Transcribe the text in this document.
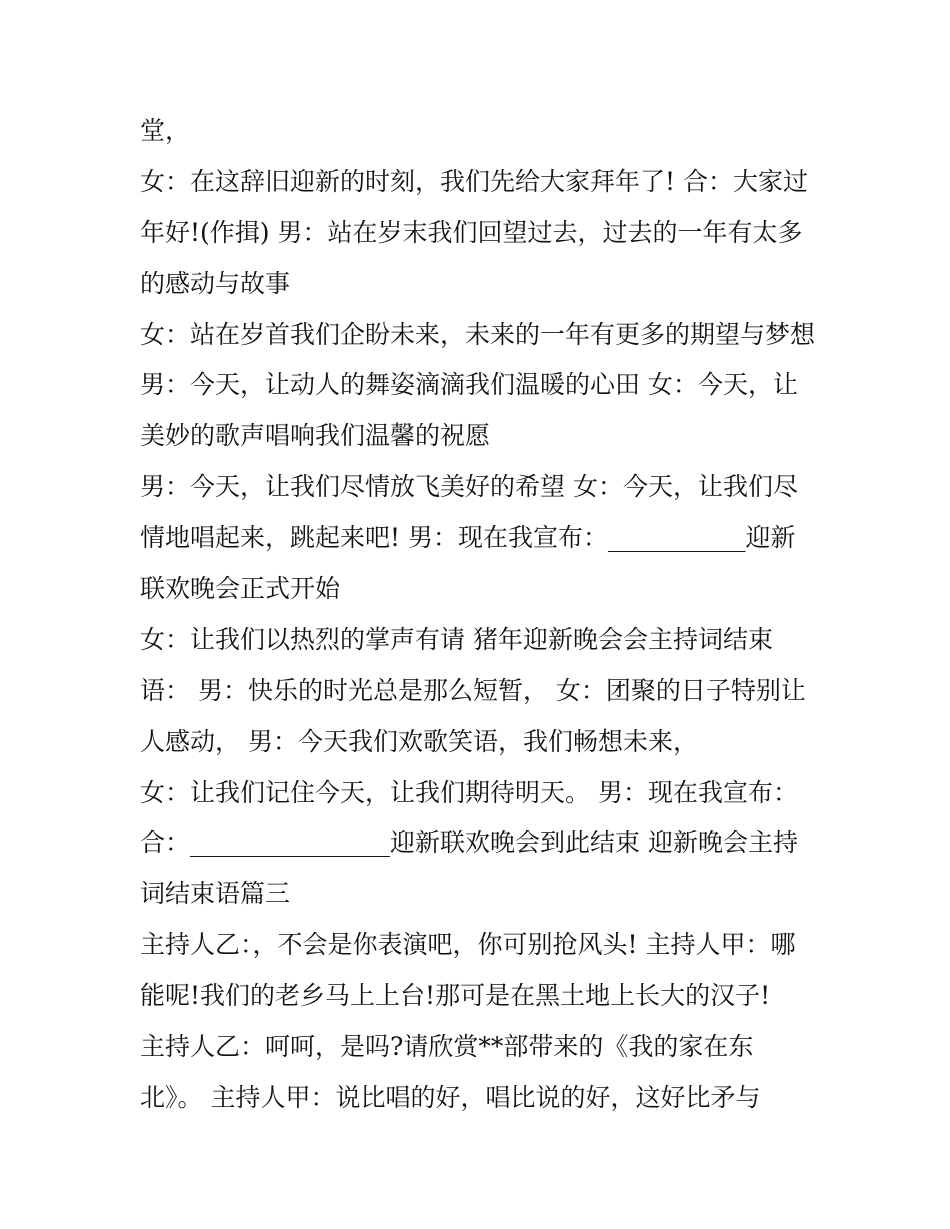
堂，
女：在这辞旧迎新的时刻，我们先给大家拜年了! 合：大家过
年好!(作揖) 男：站在岁末我们回望过去，过去的一年有太多
的感动与故事
女：站在岁首我们企盼未来，未来的一年有更多的期望与梦想
男：今天，让动人的舞姿滴滴我们温暖的心田 女：今天，让
美妙的歌声唱响我们温馨的祝愿
男：今天，让我们尽情放飞美好的希望 女：今天，让我们尽
情地唱起来，跳起来吧! 男：现在我宣布：___________迎新
联欢晚会正式开始
女：让我们以热烈的掌声有请 猪年迎新晚会会主持词结束
语： 男：快乐的时光总是那么短暂， 女：团聚的日子特别让
人感动， 男：今天我们欢歌笑语，我们畅想未来，
女：让我们记住今天，让我们期待明天。 男：现在我宣布：
合：________________迎新联欢晚会到此结束 迎新晚会主持
词结束语篇三
主持人乙：，不会是你表演吧，你可别抢风头! 主持人甲：哪
能呢!我们的老乡马上上台!那可是在黑土地上长大的汉子!
主持人乙：呵呵，是吗?请欣赏**部带来的《我的家在东
北》。 主持人甲：说比唱的好，唱比说的好，这好比矛与
